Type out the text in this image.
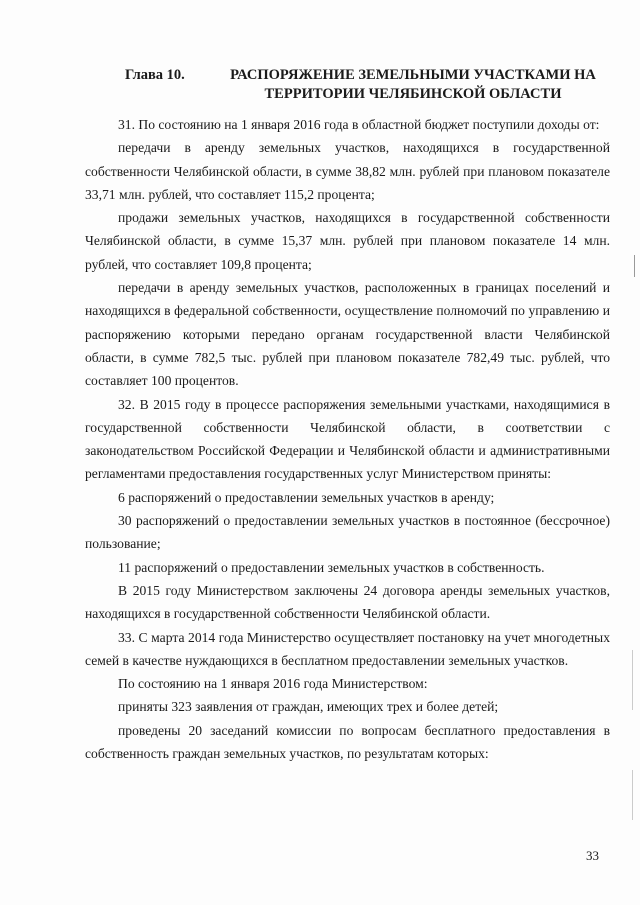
Глава 10.	РАСПОРЯЖЕНИЕ ЗЕМЕЛЬНЫМИ УЧАСТКАМИ НА ТЕРРИТОРИИ ЧЕЛЯБИНСКОЙ ОБЛАСТИ

31. По состоянию на 1 января 2016 года в областной бюджет поступили доходы от:

передачи в аренду земельных участков, находящихся в государственной собственности Челябинской области, в сумме 38,82 млн. рублей при плановом показателе 33,71 млн. рублей, что составляет 115,2 процента;

продажи земельных участков, находящихся в государственной собственности Челябинской области, в сумме 15,37 млн. рублей при плановом показателе 14 млн. рублей, что составляет 109,8 процента;

передачи в аренду земельных участков, расположенных в границах поселений и находящихся в федеральной собственности, осуществление полномочий по управлению и распоряжению которыми передано органам государственной власти Челябинской области, в сумме 782,5 тыс. рублей при плановом показателе 782,49 тыс. рублей, что составляет 100 процентов.

32. В 2015 году в процессе распоряжения земельными участками, находящимися в государственной собственности Челябинской области, в соответствии с законодательством Российской Федерации и Челябинской области и административными регламентами предоставления государственных услуг Министерством приняты:

6 распоряжений о предоставлении земельных участков в аренду;

30 распоряжений о предоставлении земельных участков в постоянное (бессрочное) пользование;

11 распоряжений о предоставлении земельных участков в собственность.

В 2015 году Министерством заключены 24 договора аренды земельных участков, находящихся в государственной собственности Челябинской области.

33. С марта 2014 года Министерство осуществляет постановку на учет многодетных семей в качестве нуждающихся в бесплатном предоставлении земельных участков.

По состоянию на 1 января 2016 года Министерством:

приняты 323 заявления от граждан, имеющих трех и более детей;

проведены 20 заседаний комиссии по вопросам бесплатного предоставления в собственность граждан земельных участков, по результатам которых:

33
